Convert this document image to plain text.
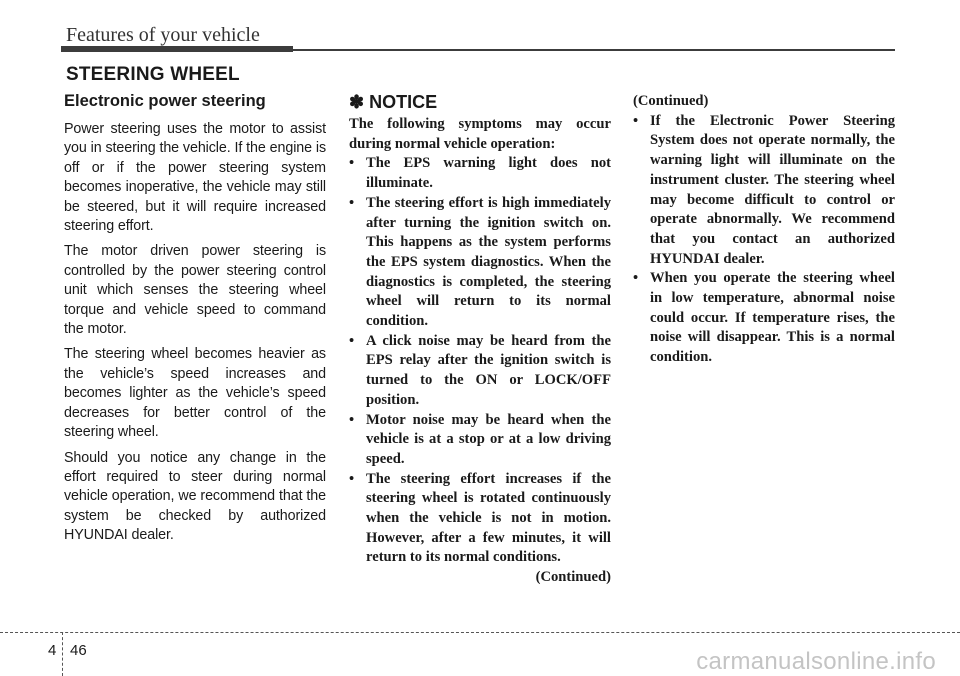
Features of your vehicle
STEERING WHEEL
Electronic power steering

Power steering uses the motor to assist you in steering the vehicle. If the engine is off or if the power steering system becomes inoperative, the vehicle may still be steered, but it will require increased steering effort.

The motor driven power steering is controlled by the power steering control unit which senses the steering wheel torque and vehicle speed to command the motor.

The steering wheel becomes heavier as the vehicle’s speed increases and becomes lighter as the vehicle’s speed decreases for better control of the steering wheel.

Should you notice any change in the effort required to steer during normal vehicle operation, we recommend that the system be checked by authorized HYUNDAI dealer.

✽ NOTICE

The following symptoms may occur during normal vehicle operation:

• The EPS warning light does not illuminate.
• The steering effort is high immediately after turning the ignition switch on. This happens as the system performs the EPS system diagnostics. When the diagnostics is completed, the steering wheel will return to its normal condition.
• A click noise may be heard from the EPS relay after the ignition switch is turned to the ON or LOCK/OFF position.
• Motor noise may be heard when the vehicle is at a stop or at a low driving speed.
• The steering effort increases if the steering wheel is rotated continuously when the vehicle is not in motion. However, after a few minutes, it will return to its normal conditions.

(Continued)

(Continued)

• If the Electronic Power Steering System does not operate normally, the warning light will illuminate on the instrument cluster. The steering wheel may become difficult to control or operate abnormally. We recommend that you contact an authorized HYUNDAI dealer.
• When you operate the steering wheel in low temperature, abnormal noise could occur. If temperature rises, the noise will disappear. This is a normal condition.
4 46	carmanualsonline.info
